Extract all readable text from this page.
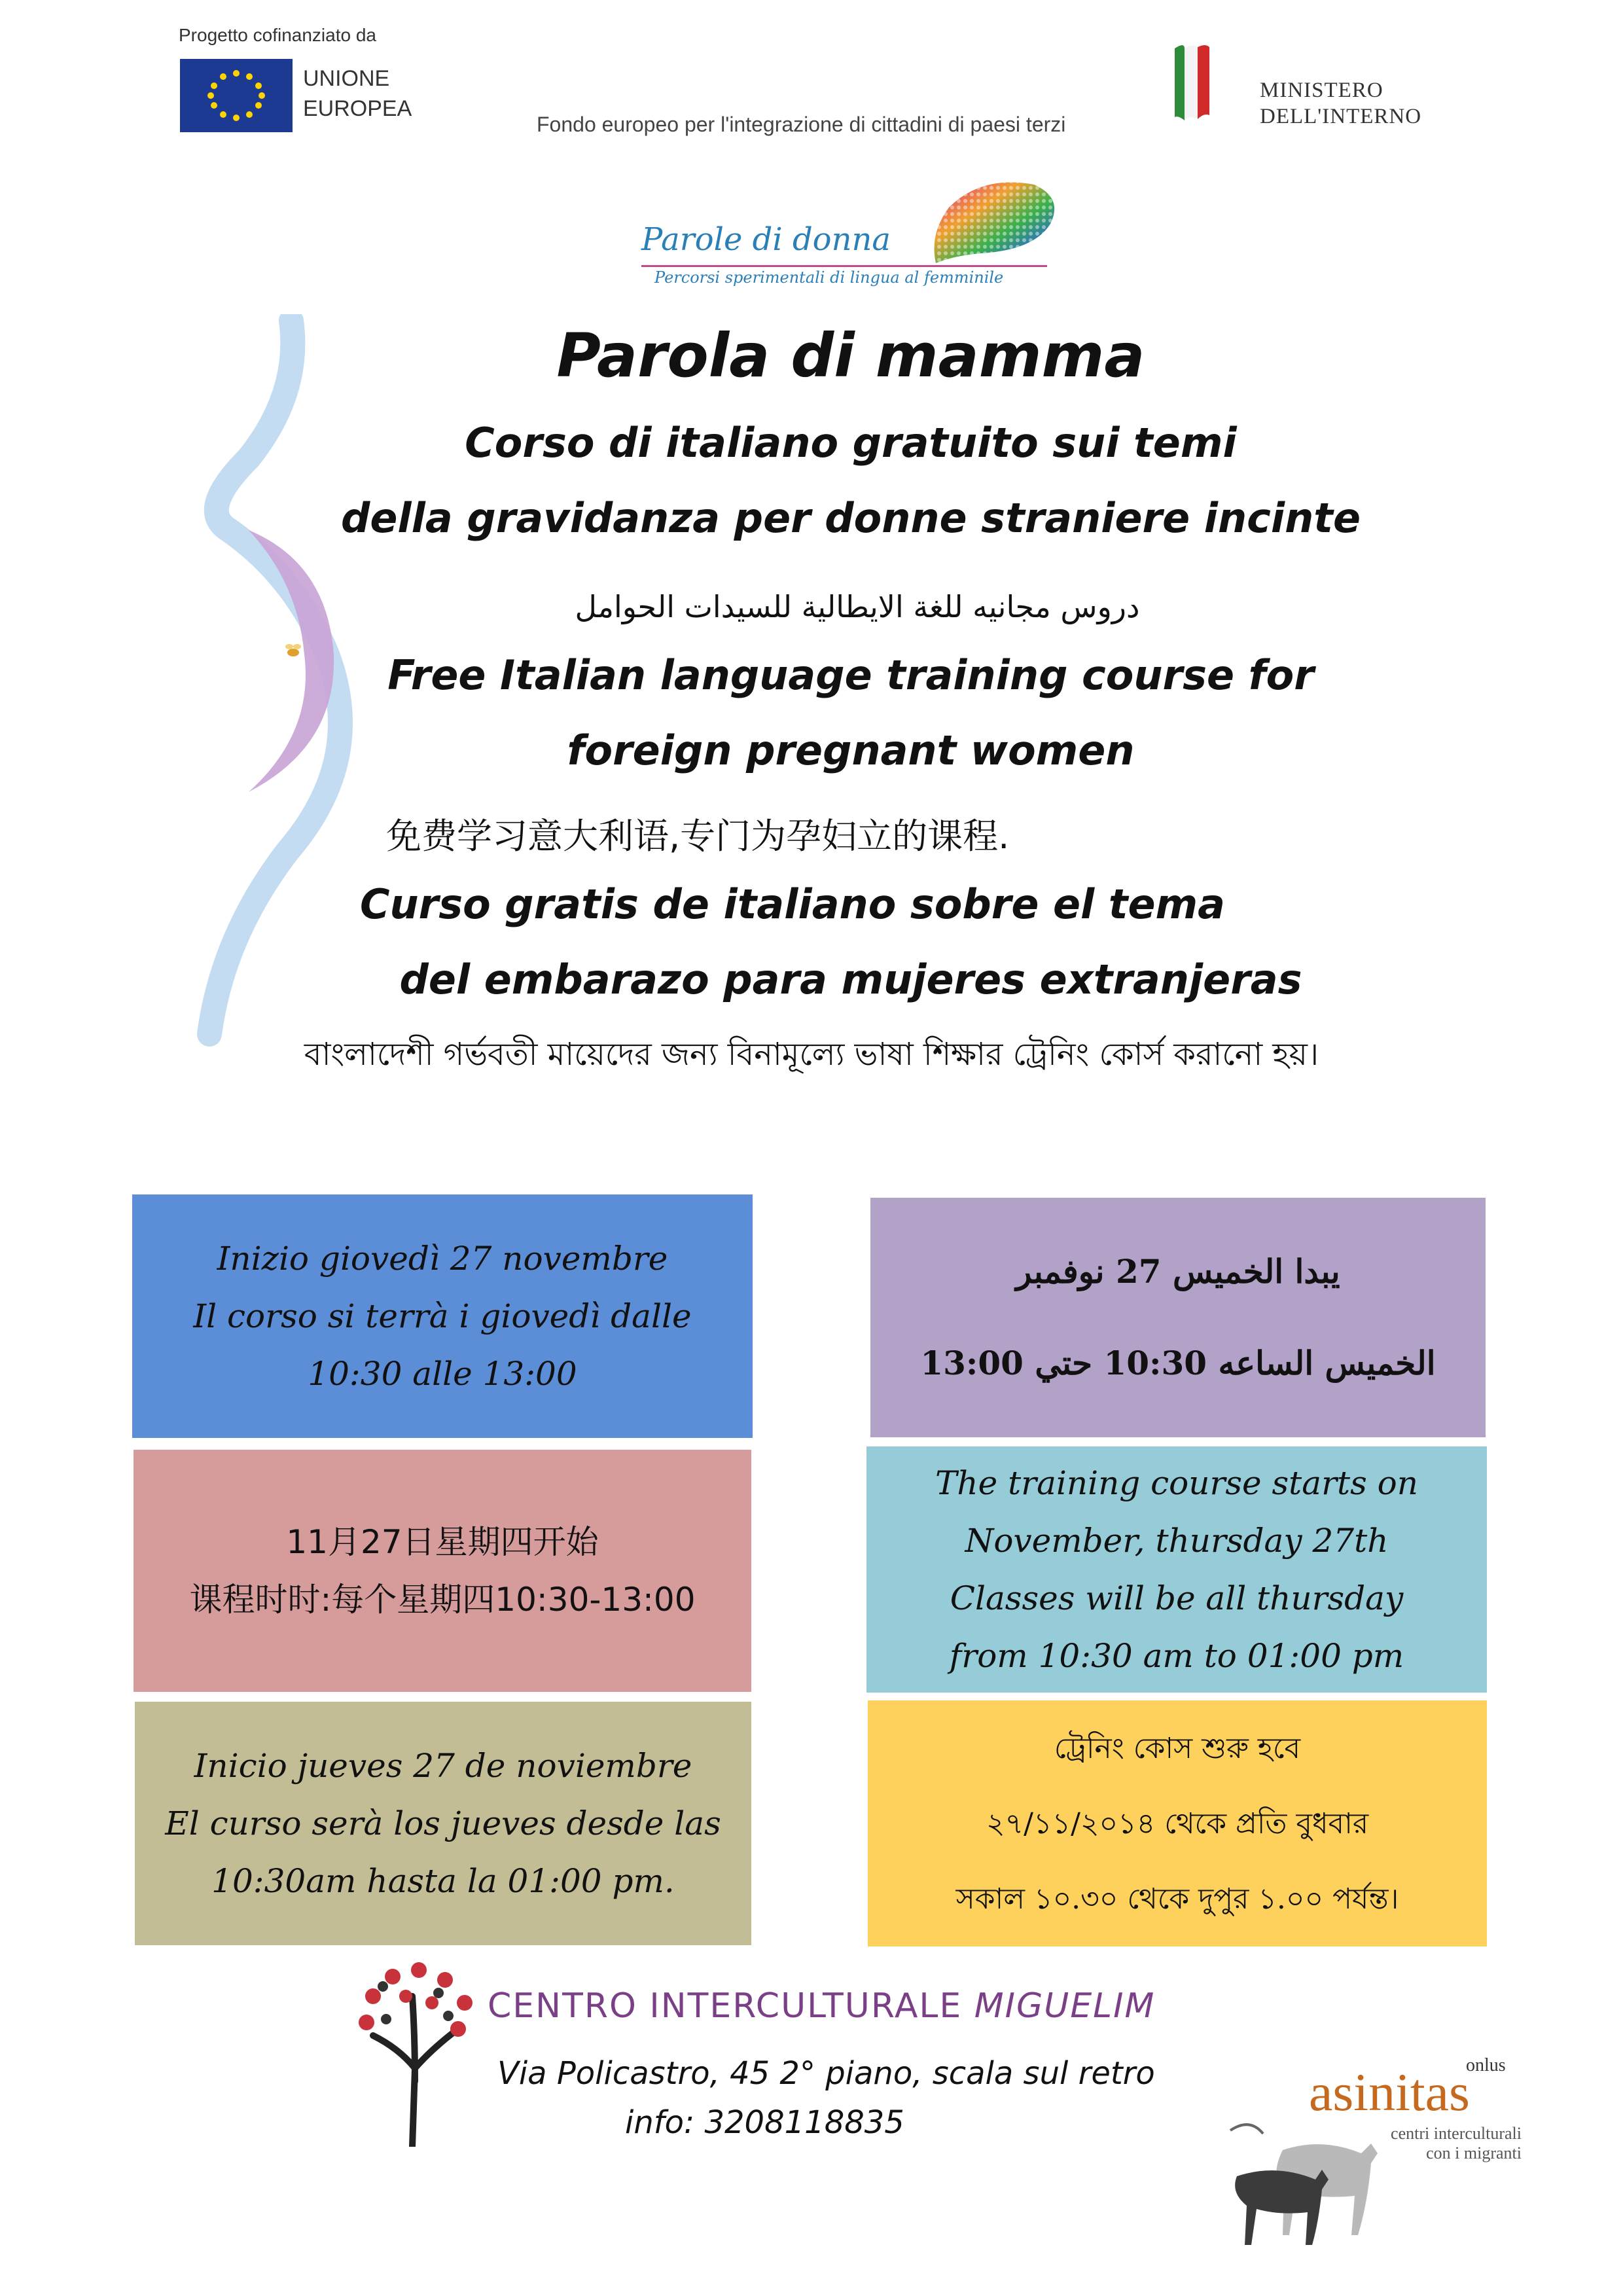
Progetto cofinanziato da
UNIONE
EUROPEA
Fondo europeo per l'integrazione di cittadini di paesi terzi
MINISTERO
DELL'INTERNO
Parole di donna
Percorsi sperimentali di lingua al femminile
Parola di mamma
Corso di italiano gratuito sui temi
della gravidanza per donne straniere incinte
دروس مجانيه للغة الايطالية للسيدات الحوامل
Free Italian language training course for
foreign pregnant women
免费学习意大利语,专门为孕妇立的课程.
Curso gratis de italiano sobre el tema
del embarazo para mujeres extranjeras
বাংলাদেশী গর্ভবতী মায়েদের জন্য বিনামূল্যে ভাষা শিক্ষার ট্রেনিং কোর্স করানো হয়।
Inizio giovedì 27 novembre
Il corso si terrà i giovedì dalle
10:30 alle 13:00
يبدا الخميس 27 نوفمبر
الخميس الساعه 10:30 حتي 13:00
11月27日星期四开始
课程时时:每个星期四10:30-13:00
The training course starts on
November, thursday 27th
Classes will be all thursday
from 10:30 am to 01:00 pm
Inicio jueves 27 de noviembre
El curso serà los jueves desde las
10:30am hasta la 01:00 pm.
ট্রেনিং কোস শুরু হবে
২৭/১১/২০১৪ থেকে প্রতি বুধবার
সকাল ১০.৩০ থেকে দুপুর ১.০০ পর্যন্ত।
CENTRO INTERCULTURALE MIGUELIM
Via Policastro, 45 2° piano, scala sul retro
info: 3208118835
onlus
asinitas
centri interculturali
con i migranti
